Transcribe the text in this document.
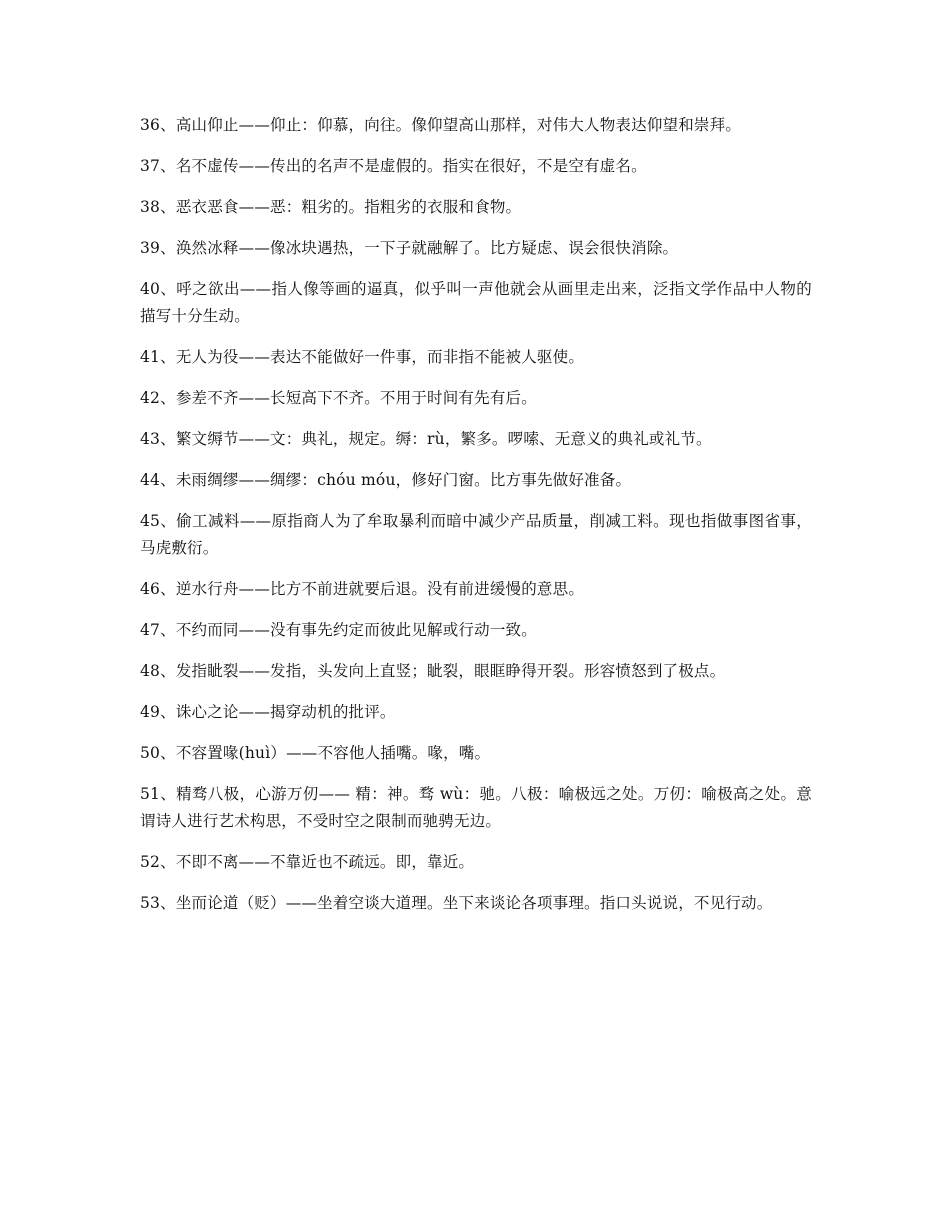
36、高山仰止——仰止：仰慕，向往。像仰望高山那样，对伟大人物表达仰望和崇拜。

37、名不虚传——传出的名声不是虚假的。指实在很好，不是空有虚名。

38、恶衣恶食——恶：粗劣的。指粗劣的衣服和食物。

39、涣然冰释——像冰块遇热，一下子就融解了。比方疑虑、误会很快消除。

40、呼之欲出——指人像等画的逼真，似乎叫一声他就会从画里走出来，泛指文学作品中人物的描写十分生动。

41、无人为役——表达不能做好一件事，而非指不能被人驱使。

42、参差不齐——长短高下不齐。不用于时间有先有后。

43、繁文缛节——文：典礼，规定。缛：rù，繁多。啰嗦、无意义的典礼或礼节。

44、未雨绸缪——绸缪：chóu móu，修好门窗。比方事先做好准备。

45、偷工减料——原指商人为了牟取暴利而暗中减少产品质量，削减工料。现也指做事图省事，马虎敷衍。

46、逆水行舟——比方不前进就要后退。没有前进缓慢的意思。

47、不约而同——没有事先约定而彼此见解或行动一致。

48、发指眦裂——发指，头发向上直竖；眦裂，眼眶睁得开裂。形容愤怒到了极点。

49、诛心之论——揭穿动机的批评。

50、不容置喙(huì）——不容他人插嘴。喙，嘴。

51、精骛八极，心游万仞—— 精：神。骛 wù：驰。八极：喻极远之处。万仞：喻极高之处。意谓诗人进行艺术构思，不受时空之限制而驰骋无边。

52、不即不离——不靠近也不疏远。即，靠近。

53、坐而论道（贬）——坐着空谈大道理。坐下来谈论各项事理。指口头说说，不见行动。
